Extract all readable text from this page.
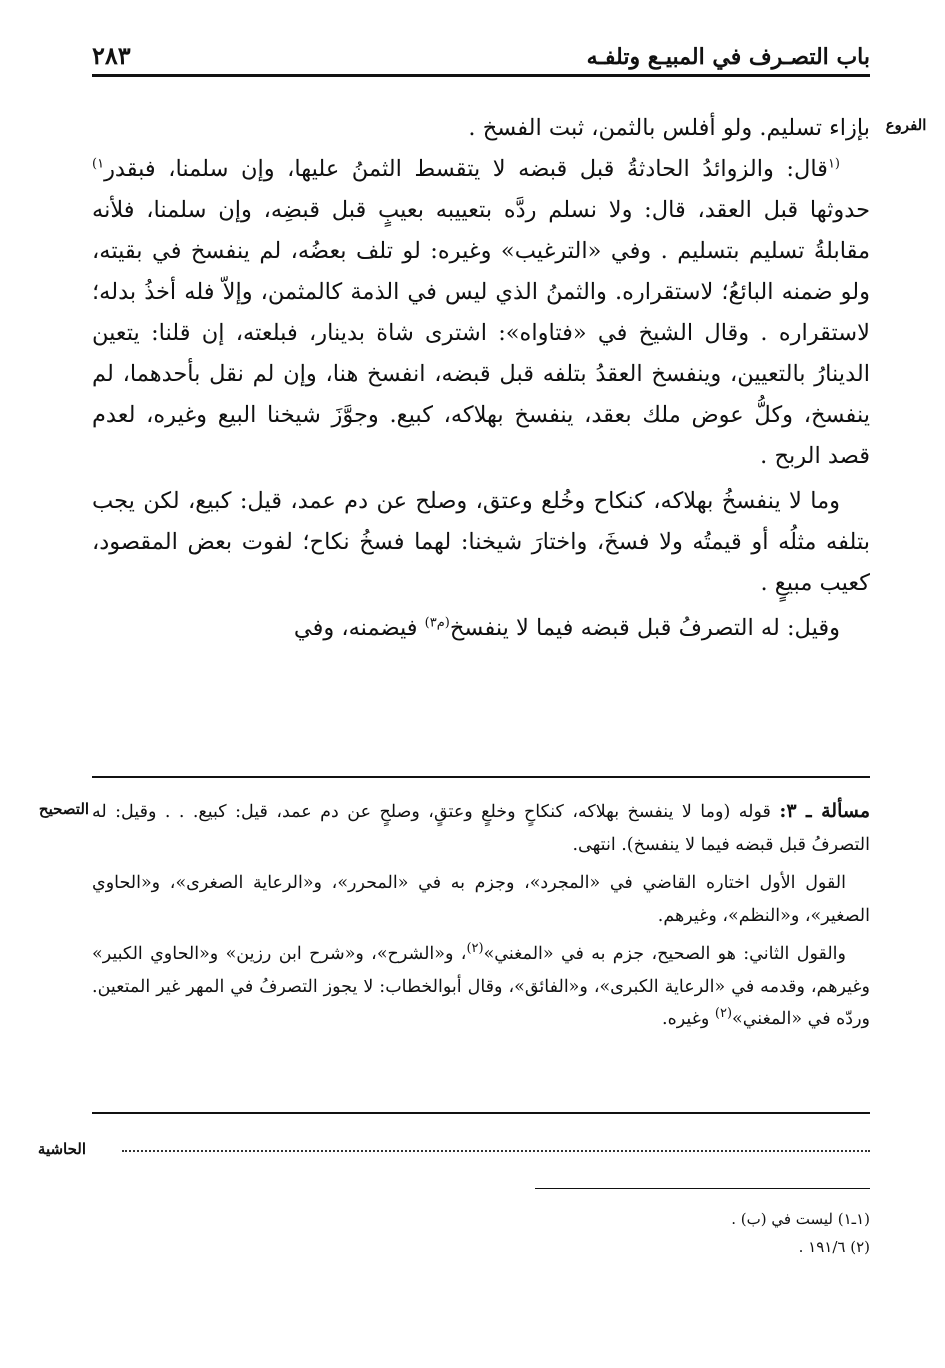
٢٨٣	باب التصـرف في المبيـع وتلفـه
الفروع

بإزاء تسليم. ولو أفلس بالثمن، ثبت الفسخ .

$^{(١}$قال: والزوائدُ الحادثةُ قبل قبضه لا يتقسط الثمنُ عليها، وإن سلمنا، فبقدر$^{١)}$ حدوثها قبل العقد، قال: ولا نسلم ردَّه بتعييبه بعيبٍ قبل قبضِه، وإن سلمنا، فلأنه مقابلةُ تسليم بتسليم . وفي «الترغيب» وغيره: لو تلف بعضُه، لم ينفسخ في بقيته، ولو ضمنه البائعُ؛ لاستقراره. والثمنُ الذي ليس في الذمة كالمثمن، وإلاّ فله أخذُ بدله؛ لاستقراره . وقال الشيخ في «فتاواه»: اشترى شاة بدينار، فبلعته، إن قلنا: يتعين الدينارُ بالتعيين، وينفسخ العقدُ بتلفه قبل قبضه، انفسخ هنا، وإن لم نقل بأحدهما، لم ينفسخ، وكلُّ عوض ملك بعقد، ينفسخ بهلاكه، كبيع. وجوَّزَ شيخنا البيع وغيره، لعدم قصد الربح .

وما لا ينفسخُ بهلاكه، كنكاح وخُلع وعتق، وصلح عن دم عمد، قيل: كبيع، لكن يجب بتلفه مثلُه أو قيمتُه ولا فسخَ، واختارَ شيخنا: لهما فسخُ نكاح؛ لفوت بعض المقصود، كعيب مبيعٍ .

وقيل: له التصرفُ قبل قبضه فيما لا ينفسخ$^{(م٣)}$ فيضمنه، وفي

التصحيح	مسألة ـ ٣: قوله (وما لا ينفسخ بهلاكه، كنكاحٍ وخلعٍ وعتقٍ، وصلحٍ عن دم عمد، قيل: كبيع. . . وقيل: له التصرفُ قبل قبضه فيما لا ينفسخ). انتهى.

القول الأول اختاره القاضي في «المجرد»، وجزم به في «المحرر»، و«الرعاية الصغرى»، و«الحاوي الصغير»، و«النظم»، وغيرهم.

والقول الثاني: هو الصحيح، جزم به في «المغني»$^{(٢)}$، و«الشرح»، و«شرح ابن رزين» و«الحاوي الكبير» وغيرهم، وقدمه في «الرعاية الكبرى»، و«الفائق»، وقال أبوالخطاب: لا يجوز التصرفُ في المهر غير المتعين. وردّه في «المغني»$^{(٢)}$ وغيره.

الحاشية

(١ـ١) ليست في (ب) .

(٢) ١٩١/٦ .
